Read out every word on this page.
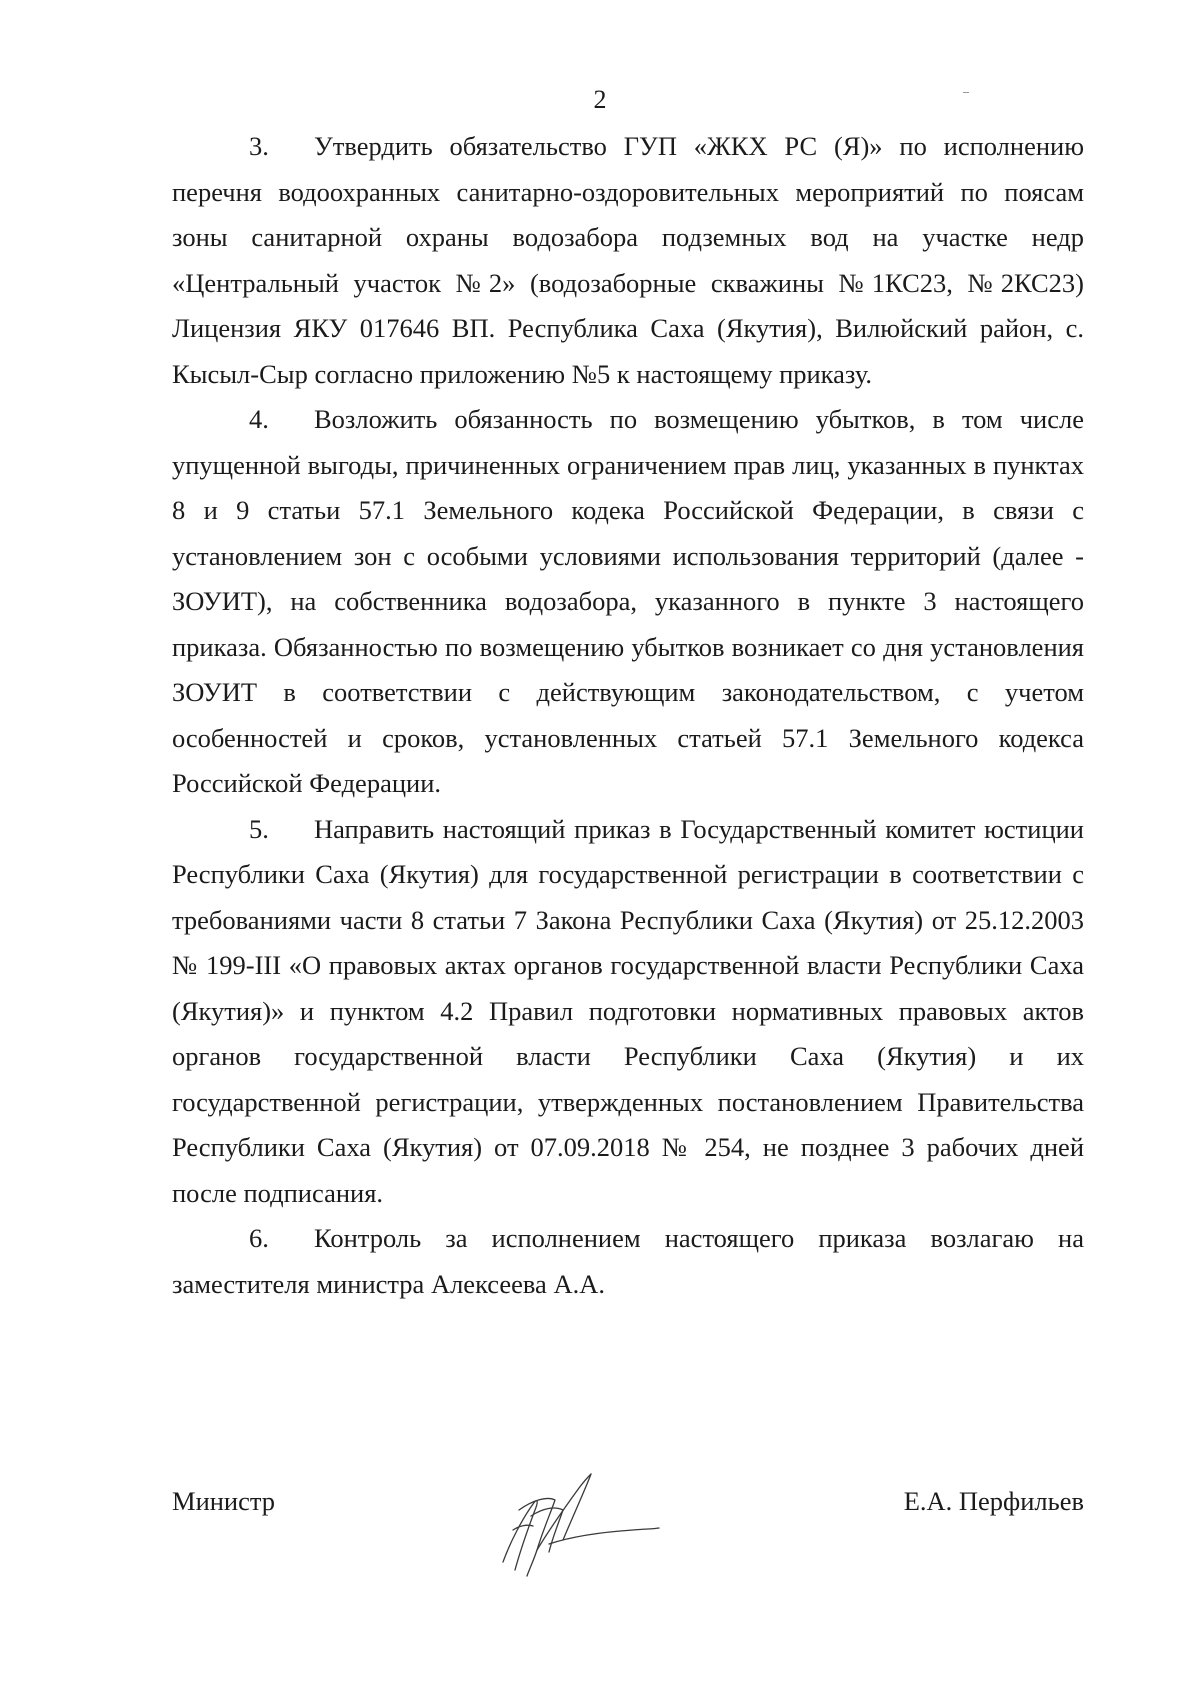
2

3. Утвердить обязательство ГУП «ЖКХ РС (Я)» по исполнению перечня водоохранных санитарно-оздоровительных мероприятий по поясам зоны санитарной охраны водозабора подземных вод на участке недр «Центральный участок №2» (водозаборные скважины №1КС23, №2КС23) Лицензия ЯКУ 017646 ВП. Республика Саха (Якутия), Вилюйский район, с. Кысыл-Сыр согласно приложению №5 к настоящему приказу.

4. Возложить обязанность по возмещению убытков, в том числе упущенной выгоды, причиненных ограничением прав лиц, указанных в пунктах 8 и 9 статьи 57.1 Земельного кодека Российской Федерации, в связи с установлением зон с особыми условиями использования территорий (далее - ЗОУИТ), на собственника водозабора, указанного в пункте 3 настоящего приказа. Обязанностью по возмещению убытков возникает со дня установления ЗОУИТ в соответствии с действующим законодательством, с учетом особенностей и сроков, установленных статьей 57.1 Земельного кодекса Российской Федерации.

5. Направить настоящий приказ в Государственный комитет юстиции Республики Саха (Якутия) для государственной регистрации в соответствии с требованиями части 8 статьи 7 Закона Республики Саха (Якутия) от 25.12.2003 № 199-III «О правовых актах органов государственной власти Республики Саха (Якутия)» и пунктом 4.2 Правил подготовки нормативных правовых актов органов государственной власти Республики Саха (Якутия) и их государственной регистрации, утвержденных постановлением Правительства Республики Саха (Якутия) от 07.09.2018 № 254, не позднее 3 рабочих дней после подписания.

6. Контроль за исполнением настоящего приказа возлагаю на заместителя министра Алексеева А.А.

Министр	Е.А. Перфильев
